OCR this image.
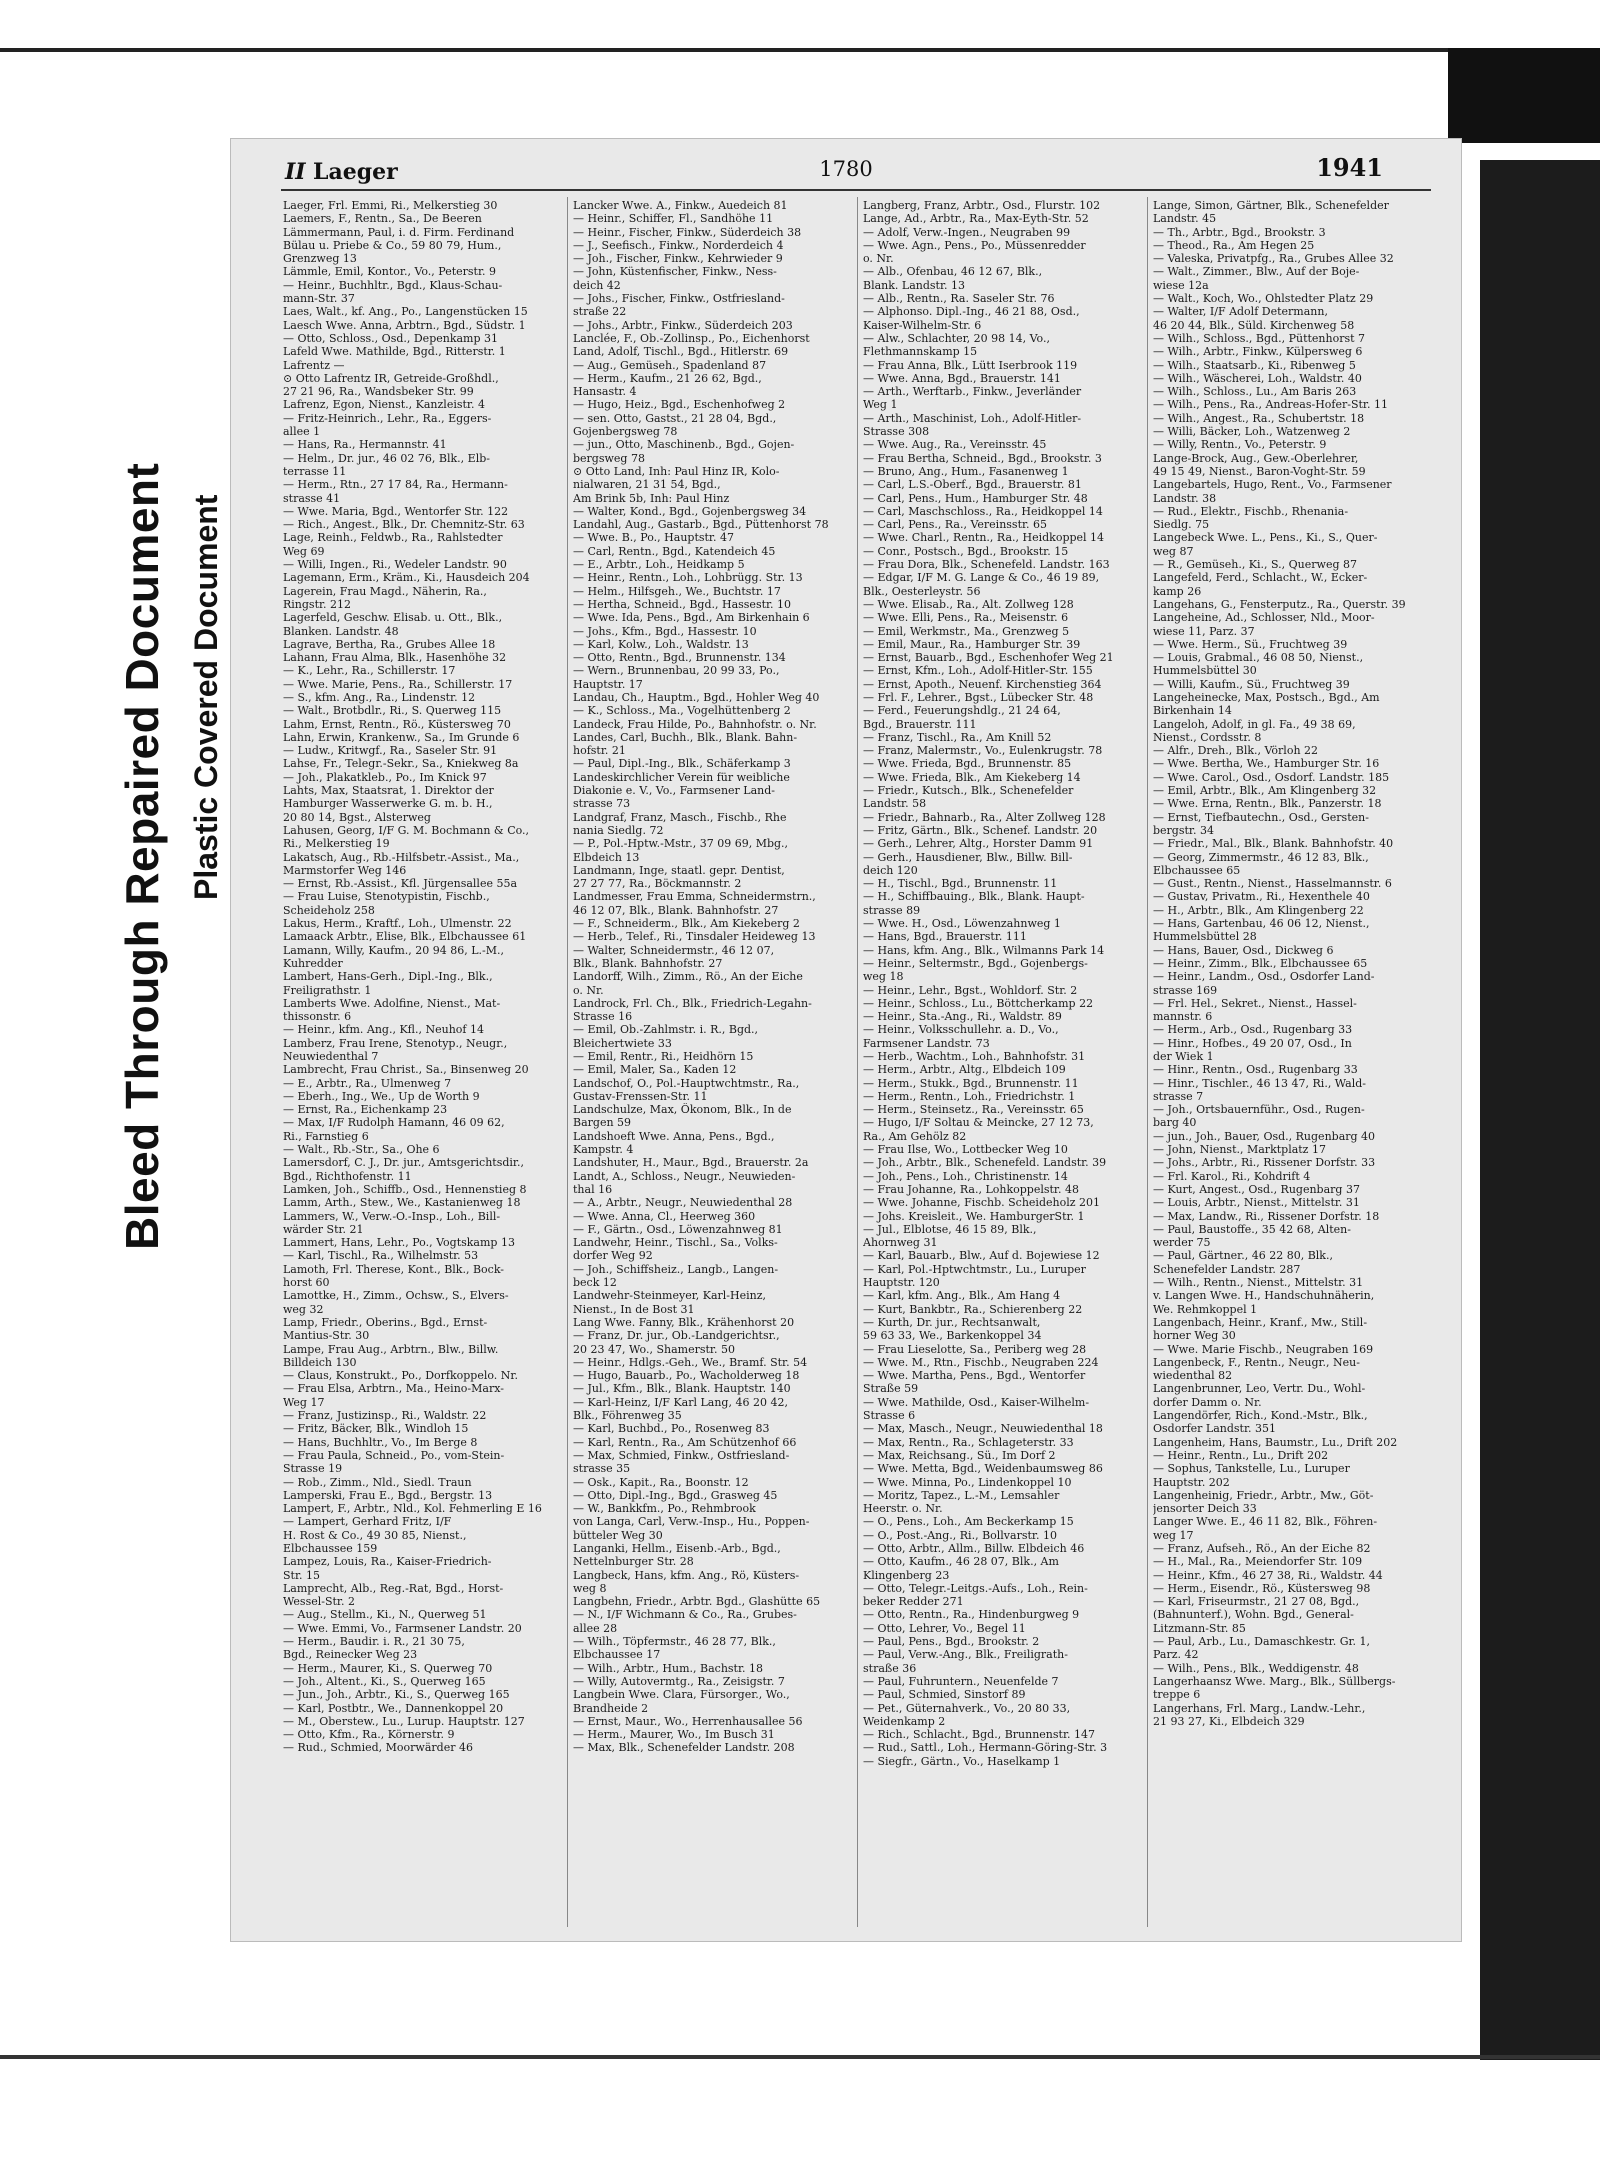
Bleed Through Repaired Document Plastic Covered Document
II Laeger	1780	1941
Laeger, Frl. Emmi, Ri., Melkerstieg 30
Laemers, F., Rentn., Sa., De Beeren
Lämmermann, Paul, i. d. Firm. Ferdinand
Bülau u. Priebe & Co., 59 80 79, Hum.,
Grenzweg 13
Lämmle, Emil, Kontor., Vo., Peterstr. 9
— Heinr., Buchhltr., Bgd., Klaus-Schau-
mann-Str. 37
Laes, Walt., kf. Ang., Po., Langenstücken 15
Laesch Wwe. Anna, Arbtrn., Bgd., Südstr. 1
— Otto, Schloss., Osd., Depenkamp 31
Lafeld Wwe. Mathilde, Bgd., Ritterstr. 1
Lafrentz —
⊙ Otto Lafrentz IR, Getreide-Großhdl.,
27 21 96, Ra., Wandsbeker Str. 99
Lafrenz, Egon, Nienst., Kanzleistr. 4
— Fritz-Heinrich., Lehr., Ra., Eggers-
allee 1
— Hans, Ra., Hermannstr. 41
— Helm., Dr. jur., 46 02 76, Blk., Elb-
terrasse 11
— Herm., Rtn., 27 17 84, Ra., Hermann-
strasse 41
— Wwe. Maria, Bgd., Wentorfer Str. 122
— Rich., Angest., Blk., Dr. Chemnitz-Str. 63
Lage, Reinh., Feldwb., Ra., Rahlstedter
Weg 69
— Willi, Ingen., Ri., Wedeler Landstr. 90
Lagemann, Erm., Kräm., Ki., Hausdeich 204
Lagerein, Frau Magd., Näherin, Ra.,
Ringstr. 212
Lagerfeld, Geschw. Elisab. u. Ott., Blk.,
Blanken. Landstr. 48
Lagrave, Bertha, Ra., Grubes Allee 18
Lahann, Frau Alma, Blk., Hasenhöhe 32
— K., Lehr., Ra., Schillerstr. 17
— Wwe. Marie, Pens., Ra., Schillerstr. 17
— S., kfm. Ang., Ra., Lindenstr. 12
— Walt., Brotbdlr., Ri., S. Querweg 115
Lahm, Ernst, Rentn., Rö., Küstersweg 70
Lahn, Erwin, Krankenw., Sa., Im Grunde 6
— Ludw., Kritwgf., Ra., Saseler Str. 91
Lahse, Fr., Telegr.-Sekr., Sa., Kniekweg 8a
— Joh., Plakatkleb., Po., Im Knick 97
Lahts, Max, Staatsrat, 1. Direktor der
Hamburger Wasserwerke G. m. b. H.,
20 80 14, Bgst., Alsterweg
Lahusen, Georg, I/F G. M. Bochmann & Co.,
Ri., Melkerstieg 19
Lakatsch, Aug., Rb.-Hilfsbetr.-Assist., Ma.,
Marmstorfer Weg 146
— Ernst, Rb.-Assist., Kfl. Jürgensallee 55a
— Frau Luise, Stenotypistin, Fischb.,
Scheideholz 258
Lakus, Herm., Kraftf., Loh., Ulmenstr. 22
Lamaack Arbtr., Elise, Blk., Elbchaussee 61
Lamann, Willy, Kaufm., 20 94 86, L.-M.,
Kuhredder
Lambert, Hans-Gerh., Dipl.-Ing., Blk.,
Freiligrathstr. 1
Lamberts Wwe. Adolfine, Nienst., Mat-
thissonstr. 6
— Heinr., kfm. Ang., Kfl., Neuhof 14
Lamberz, Frau Irene, Stenotyp., Neugr.,
Neuwiedenthal 7
Lambrecht, Frau Christ., Sa., Binsenweg 20
— E., Arbtr., Ra., Ulmenweg 7
— Eberh., Ing., We., Up de Worth 9
— Ernst, Ra., Eichenkamp 23
— Max, I/F Rudolph Hamann, 46 09 62,
Ri., Farnstieg 6
— Walt., Rb.-Str., Sa., Ohe 6
Lamersdorf, C. J., Dr. jur., Amtsgerichtsdir.,
Bgd., Richthofenstr. 11
Lamken, Joh., Schiffb., Osd., Hennenstieg 8
Lamm, Arth., Stew., We., Kastanienweg 18
Lammers, W., Verw.-O.-Insp., Loh., Bill-
wärder Str. 21
Lammert, Hans, Lehr., Po., Vogtskamp 13
— Karl, Tischl., Ra., Wilhelmstr. 53
Lamoth, Frl. Therese, Kont., Blk., Bock-
horst 60
Lamottke, H., Zimm., Ochsw., S., Elvers-
weg 32
Lamp, Friedr., Oberins., Bgd., Ernst-
Mantius-Str. 30
Lampe, Frau Aug., Arbtrn., Blw., Billw.
Billdeich 130
— Claus, Konstrukt., Po., Dorfkoppelo. Nr.
— Frau Elsa, Arbtrn., Ma., Heino-Marx-
Weg 17
— Franz, Justizinsp., Ri., Waldstr. 22
— Fritz, Bäcker, Blk., Windloh 15
— Hans, Buchhltr., Vo., Im Berge 8
— Frau Paula, Schneid., Po., vom-Stein-
Strasse 19
— Rob., Zimm., Nld., Siedl. Traun
Lamperski, Frau E., Bgd., Bergstr. 13
Lampert, F., Arbtr., Nld., Kol. Fehmerling E 16
— Lampert, Gerhard Fritz, I/F
H. Rost & Co., 49 30 85, Nienst.,
Elbchaussee 159
Lampez, Louis, Ra., Kaiser-Friedrich-
Str. 15
Lamprecht, Alb., Reg.-Rat, Bgd., Horst-
Wessel-Str. 2
— Aug., Stellm., Ki., N., Querweg 51
— Wwe. Emmi, Vo., Farmsener Landstr. 20
— Herm., Baudir. i. R., 21 30 75,
Bgd., Reinecker Weg 23
— Herm., Maurer, Ki., S. Querweg 70
— Joh., Altent., Ki., S., Querweg 165
— Jun., Joh., Arbtr., Ki., S., Querweg 165
— Karl, Postbtr., We., Dannenkoppel 20
— M., Oberstew., Lu., Lurup. Hauptstr. 127
— Otto, Kfm., Ra., Körnerstr. 9
— Rud., Schmied, Moorwärder 46
Lancker Wwe. A., Finkw., Auedeich 81
— Heinr., Schiffer, Fl., Sandhöhe 11
— Heinr., Fischer, Finkw., Süderdeich 38
— J., Seefisch., Finkw., Norderdeich 4
— Joh., Fischer, Finkw., Kehrwieder 9
— John, Küstenfischer, Finkw., Ness-
deich 42
— Johs., Fischer, Finkw., Ostfriesland-
straße 22
— Johs., Arbtr., Finkw., Süderdeich 203
Lanclée, F., Ob.-Zollinsp., Po., Eichenhorst
Land, Adolf, Tischl., Bgd., Hitlerstr. 69
— Aug., Gemüseh., Spadenland 87
— Herm., Kaufm., 21 26 62, Bgd.,
Hansastr. 4
— Hugo, Heiz., Bgd., Eschenhofweg 2
— sen. Otto, Gastst., 21 28 04, Bgd.,
Gojenbergsweg 78
— jun., Otto, Maschinenb., Bgd., Gojen-
bergsweg 78
⊙ Otto Land, Inh: Paul Hinz IR, Kolo-
nialwaren, 21 31 54, Bgd.,
Am Brink 5b, Inh: Paul Hinz
— Walter, Kond., Bgd., Gojenbergsweg 34
Landahl, Aug., Gastarb., Bgd., Püttenhorst 78
— Wwe. B., Po., Hauptstr. 47
— Carl, Rentn., Bgd., Katendeich 45
— E., Arbtr., Loh., Heidkamp 5
— Heinr., Rentn., Loh., Lohbrügg. Str. 13
— Helm., Hilfsgeh., We., Buchtstr. 17
— Hertha, Schneid., Bgd., Hassestr. 10
— Wwe. Ida, Pens., Bgd., Am Birkenhain 6
— Johs., Kfm., Bgd., Hassestr. 10
— Karl, Kolw., Loh., Waldstr. 13
— Otto, Rentn., Bgd., Brunnenstr. 134
— Wern., Brunnenbau, 20 99 33, Po.,
Hauptstr. 17
Landau, Ch., Hauptm., Bgd., Hohler Weg 40
— K., Schloss., Ma., Vogelhüttenberg 2
Landeck, Frau Hilde, Po., Bahnhofstr. o. Nr.
Landes, Carl, Buchh., Blk., Blank. Bahn-
hofstr. 21
— Paul, Dipl.-Ing., Blk., Schäferkamp 3
Landeskirchlicher Verein für weibliche
Diakonie e. V., Vo., Farmsener Land-
strasse 73
Landgraf, Franz, Masch., Fischb., Rhe
nania Siedlg. 72
— P., Pol.-Hptw.-Mstr., 37 09 69, Mbg.,
Elbdeich 13
Landmann, Inge, staatl. gepr. Dentist,
27 27 77, Ra., Böckmannstr. 2
Landmesser, Frau Emma, Schneidermstrn.,
46 12 07, Blk., Blank. Bahnhofstr. 27
— F., Schneiderm., Blk., Am Kiekeberg 2
— Herb., Telef., Ri., Tinsdaler Heideweg 13
— Walter, Schneidermstr., 46 12 07,
Blk., Blank. Bahnhofstr. 27
Landorff, Wilh., Zimm., Rö., An der Eiche
o. Nr.
Landrock, Frl. Ch., Blk., Friedrich-Legahn-
Strasse 16
— Emil, Ob.-Zahlmstr. i. R., Bgd.,
Bleichertwiete 33
— Emil, Rentr., Ri., Heidhörn 15
— Emil, Maler, Sa., Kaden 12
Landschof, O., Pol.-Hauptwchtmstr., Ra.,
Gustav-Frenssen-Str. 11
Landschulze, Max, Ökonom, Blk., In de
Bargen 59
Landshoeft Wwe. Anna, Pens., Bgd.,
Kampstr. 4
Landshuter, H., Maur., Bgd., Brauerstr. 2a
Landt, A., Schloss., Neugr., Neuwieden-
thal 16
— A., Arbtr., Neugr., Neuwiedenthal 28
— Wwe. Anna, Cl., Heerweg 360
— F., Gärtn., Osd., Löwenzahnweg 81
Landwehr, Heinr., Tischl., Sa., Volks-
dorfer Weg 92
— Joh., Schiffsheiz., Langb., Langen-
beck 12
Landwehr-Steinmeyer, Karl-Heinz,
Nienst., In de Bost 31
Lang Wwe. Fanny, Blk., Krähenhorst 20
— Franz, Dr. jur., Ob.-Landgerichtsr.,
20 23 47, Wo., Shamerstr. 50
— Heinr., Hdlgs.-Geh., We., Bramf. Str. 54
— Hugo, Bauarb., Po., Wacholderweg 18
— Jul., Kfm., Blk., Blank. Hauptstr. 140
— Karl-Heinz, I/F Karl Lang, 46 20 42,
Blk., Föhrenweg 35
— Karl, Buchbd., Po., Rosenweg 83
— Karl, Rentn., Ra., Am Schützenhof 66
— Max, Schmied, Finkw., Ostfriesland-
strasse 35
— Osk., Kapit., Ra., Boonstr. 12
— Otto, Dipl.-Ing., Bgd., Grasweg 45
— W., Bankkfm., Po., Rehmbrook
von Langa, Carl, Verw.-Insp., Hu., Poppen-
bütteler Weg 30
Langanki, Hellm., Eisenb.-Arb., Bgd.,
Nettelnburger Str. 28
Langbeck, Hans, kfm. Ang., Rö, Küsters-
weg 8
Langbehn, Friedr., Arbtr. Bgd., Glashütte 65
— N., I/F Wichmann & Co., Ra., Grubes-
allee 28
— Wilh., Töpfermstr., 46 28 77, Blk.,
Elbchaussee 17
— Wilh., Arbtr., Hum., Bachstr. 18
— Willy, Autovermtg., Ra., Zeisigstr. 7
Langbein Wwe. Clara, Fürsorger., Wo.,
Brandheide 2
— Ernst, Maur., Wo., Herrenhausallee 56
— Herm., Maurer, Wo., Im Busch 31
— Max, Blk., Schenefelder Landstr. 208
Langberg, Franz, Arbtr., Osd., Flurstr. 102
Lange, Ad., Arbtr., Ra., Max-Eyth-Str. 52
— Adolf, Verw.-Ingen., Neugraben 99
— Wwe. Agn., Pens., Po., Müssenredder
o. Nr.
— Alb., Ofenbau, 46 12 67, Blk.,
Blank. Landstr. 13
— Alb., Rentn., Ra. Saseler Str. 76
— Alphonso. Dipl.-Ing., 46 21 88, Osd.,
Kaiser-Wilhelm-Str. 6
— Alw., Schlachter, 20 98 14, Vo.,
Flethmannskamp 15
— Frau Anna, Blk., Lütt Iserbrook 119
— Wwe. Anna, Bgd., Brauerstr. 141
— Arth., Werftarb., Finkw., Jeverländer
Weg 1
— Arth., Maschinist, Loh., Adolf-Hitler-
Strasse 308
— Wwe. Aug., Ra., Vereinsstr. 45
— Frau Bertha, Schneid., Bgd., Brookstr. 3
— Bruno, Ang., Hum., Fasanenweg 1
— Carl, L.S.-Oberf., Bgd., Brauerstr. 81
— Carl, Pens., Hum., Hamburger Str. 48
— Carl, Maschschloss., Ra., Heidkoppel 14
— Carl, Pens., Ra., Vereinsstr. 65
— Wwe. Charl., Rentn., Ra., Heidkoppel 14
— Conr., Postsch., Bgd., Brookstr. 15
— Frau Dora, Blk., Schenefeld. Landstr. 163
— Edgar, I/F M. G. Lange & Co., 46 19 89,
Blk., Oesterleystr. 56
— Wwe. Elisab., Ra., Alt. Zollweg 128
— Wwe. Elli, Pens., Ra., Meisenstr. 6
— Emil, Werkmstr., Ma., Grenzweg 5
— Emil, Maur., Ra., Hamburger Str. 39
— Ernst, Bauarb., Bgd., Eschenhofer Weg 21
— Ernst, Kfm., Loh., Adolf-Hitler-Str. 155
— Ernst, Apoth., Neuenf. Kirchenstieg 364
— Frl. F., Lehrer., Bgst., Lübecker Str. 48
— Ferd., Feuerungshdlg., 21 24 64,
Bgd., Brauerstr. 111
— Franz, Tischl., Ra., Am Knill 52
— Franz, Malermstr., Vo., Eulenkrugstr. 78
— Wwe. Frieda, Bgd., Brunnenstr. 85
— Wwe. Frieda, Blk., Am Kiekeberg 14
— Friedr., Kutsch., Blk., Schenefelder
Landstr. 58
— Friedr., Bahnarb., Ra., Alter Zollweg 128
— Fritz, Gärtn., Blk., Schenef. Landstr. 20
— Gerh., Lehrer, Altg., Horster Damm 91
— Gerh., Hausdiener, Blw., Billw. Bill-
deich 120
— H., Tischl., Bgd., Brunnenstr. 11
— H., Schiffbauing., Blk., Blank. Haupt-
strasse 89
— Wwe. H., Osd., Löwenzahnweg 1
— Hans, Bgd., Brauerstr. 111
— Hans, kfm. Ang., Blk., Wilmanns Park 14
— Heinr., Seltermstr., Bgd., Gojenbergs-
weg 18
— Heinr., Lehr., Bgst., Wohldorf. Str. 2
— Heinr., Schloss., Lu., Böttcherkamp 22
— Heinr., Sta.-Ang., Ri., Waldstr. 89
— Heinr., Volksschullehr. a. D., Vo.,
Farmsener Landstr. 73
— Herb., Wachtm., Loh., Bahnhofstr. 31
— Herm., Arbtr., Altg., Elbdeich 109
— Herm., Stukk., Bgd., Brunnenstr. 11
— Herm., Rentn., Loh., Friedrichstr. 1
— Herm., Steinsetz., Ra., Vereinsstr. 65
— Hugo, I/F Soltau & Meincke, 27 12 73,
Ra., Am Gehölz 82
— Frau Ilse, Wo., Lottbecker Weg 10
— Joh., Arbtr., Blk., Schenefeld. Landstr. 39
— Joh., Pens., Loh., Christinenstr. 14
— Frau Johanne, Ra., Lohkoppelstr. 48
— Wwe. Johanne, Fischb. Scheideholz 201
— Johs. Kreisleit., We. HamburgerStr. 1
— Jul., Elblotse, 46 15 89, Blk.,
Ahornweg 31
— Karl, Bauarb., Blw., Auf d. Bojewiese 12
— Karl, Pol.-Hptwchtmstr., Lu., Luruper
Hauptstr. 120
— Karl, kfm. Ang., Blk., Am Hang 4
— Kurt, Bankbtr., Ra., Schierenberg 22
— Kurth, Dr. jur., Rechtsanwalt,
59 63 33, We., Barkenkoppel 34
— Frau Lieselotte, Sa., Periberg weg 28
— Wwe. M., Rtn., Fischb., Neugraben 224
— Wwe. Martha, Pens., Bgd., Wentorfer
Straße 59
— Wwe. Mathilde, Osd., Kaiser-Wilhelm-
Strasse 6
— Max, Masch., Neugr., Neuwiedenthal 18
— Max, Rentn., Ra., Schlageterstr. 33
— Max, Reichsang., Sü., Im Dorf 2
— Wwe. Metta, Bgd., Weidenbaumsweg 86
— Wwe. Minna, Po., Lindenkoppel 10
— Moritz, Tapez., L.-M., Lemsahler
Heerstr. o. Nr.
— O., Pens., Loh., Am Beckerkamp 15
— O., Post.-Ang., Ri., Bollvarstr. 10
— Otto, Arbtr., Allm., Billw. Elbdeich 46
— Otto, Kaufm., 46 28 07, Blk., Am
Klingenberg 23
— Otto, Telegr.-Leitgs.-Aufs., Loh., Rein-
beker Redder 271
— Otto, Rentn., Ra., Hindenburgweg 9
— Otto, Lehrer, Vo., Begel 11
— Paul, Pens., Bgd., Brookstr. 2
— Paul, Verw.-Ang., Blk., Freiligrath-
straße 36
— Paul, Fuhruntern., Neuenfelde 7
— Paul, Schmied, Sinstorf 89
— Pet., Güternahverk., Vo., 20 80 33,
Weidenkamp 2
— Rich., Schlacht., Bgd., Brunnenstr. 147
— Rud., Sattl., Loh., Hermann-Göring-Str. 3
— Siegfr., Gärtn., Vo., Haselkamp 1
Lange, Simon, Gärtner, Blk., Schenefelder
Landstr. 45
— Th., Arbtr., Bgd., Brookstr. 3
— Theod., Ra., Am Hegen 25
— Valeska, Privatpfg., Ra., Grubes Allee 32
— Walt., Zimmer., Blw., Auf der Boje-
wiese 12a
— Walt., Koch, Wo., Ohlstedter Platz 29
— Walter, I/F Adolf Determann,
46 20 44, Blk., Süld. Kirchenweg 58
— Wilh., Schloss., Bgd., Püttenhorst 7
— Wilh., Arbtr., Finkw., Külpersweg 6
— Wilh., Staatsarb., Ki., Ribenweg 5
— Wilh., Wäscherei, Loh., Waldstr. 40
— Wilh., Schloss., Lu., Am Baris 263
— Wilh., Pens., Ra., Andreas-Hofer-Str. 11
— Wilh., Angest., Ra., Schubertstr. 18
— Willi, Bäcker, Loh., Watzenweg 2
— Willy, Rentn., Vo., Peterstr. 9
Lange-Brock, Aug., Gew.-Oberlehrer,
49 15 49, Nienst., Baron-Voght-Str. 59
Langebartels, Hugo, Rent., Vo., Farmsener
Landstr. 38
— Rud., Elektr., Fischb., Rhenania-
Siedlg. 75
Langebeck Wwe. L., Pens., Ki., S., Quer-
weg 87
— R., Gemüseh., Ki., S., Querweg 87
Langefeld, Ferd., Schlacht., W., Ecker-
kamp 26
Langehans, G., Fensterputz., Ra., Querstr. 39
Langeheine, Ad., Schlosser, Nld., Moor-
wiese 11, Parz. 37
— Wwe. Herm., Sü., Fruchtweg 39
— Louis, Grabmal., 46 08 50, Nienst.,
Hummelsbüttel 30
— Willi, Kaufm., Sü., Fruchtweg 39
Langeheinecke, Max, Postsch., Bgd., Am
Birkenhain 14
Langeloh, Adolf, in gl. Fa., 49 38 69,
Nienst., Cordsstr. 8
— Alfr., Dreh., Blk., Vörloh 22
— Wwe. Bertha, We., Hamburger Str. 16
— Wwe. Carol., Osd., Osdorf. Landstr. 185
— Emil, Arbtr., Blk., Am Klingenberg 32
— Wwe. Erna, Rentn., Blk., Panzerstr. 18
— Ernst, Tiefbautechn., Osd., Gersten-
bergstr. 34
— Friedr., Mal., Blk., Blank. Bahnhofstr. 40
— Georg, Zimmermstr., 46 12 83, Blk.,
Elbchaussee 65
— Gust., Rentn., Nienst., Hasselmannstr. 6
— Gustav, Privatm., Ri., Hexenthele 40
— H., Arbtr., Blk., Am Klingenberg 22
— Hans, Gartenbau, 46 06 12, Nienst.,
Hummelsbüttel 28
— Hans, Bauer, Osd., Dickweg 6
— Heinr., Zimm., Blk., Elbchaussee 65
— Heinr., Landm., Osd., Osdorfer Land-
strasse 169
— Frl. Hel., Sekret., Nienst., Hassel-
mannstr. 6
— Herm., Arb., Osd., Rugenbarg 33
— Hinr., Hofbes., 49 20 07, Osd., In
der Wiek 1
— Hinr., Rentn., Osd., Rugenbarg 33
— Hinr., Tischler., 46 13 47, Ri., Wald-
strasse 7
— Joh., Ortsbauernführ., Osd., Rugen-
barg 40
— jun., Joh., Bauer, Osd., Rugenbarg 40
— John, Nienst., Marktplatz 17
— Johs., Arbtr., Ri., Rissener Dorfstr. 33
— Frl. Karol., Ri., Kohdrift 4
— Kurt, Angest., Osd., Rugenbarg 37
— Louis, Arbtr., Nienst., Mittelstr. 31
— Max, Landw., Ri., Rissener Dorfstr. 18
— Paul, Baustoffe., 35 42 68, Alten-
werder 75
— Paul, Gärtner., 46 22 80, Blk.,
Schenefelder Landstr. 287
— Wilh., Rentn., Nienst., Mittelstr. 31
v. Langen Wwe. H., Handschuhnäherin,
We. Rehmkoppel 1
Langenbach, Heinr., Kranf., Mw., Still-
horner Weg 30
— Wwe. Marie Fischb., Neugraben 169
Langenbeck, F., Rentn., Neugr., Neu-
wiedenthal 82
Langenbrunner, Leo, Vertr. Du., Wohl-
dorfer Damm o. Nr.
Langendörfer, Rich., Kond.-Mstr., Blk.,
Osdorfer Landstr. 351
Langenheim, Hans, Baumstr., Lu., Drift 202
— Heinr., Rentn., Lu., Drift 202
— Sophus, Tankstelle, Lu., Luruper
Hauptstr. 202
Langenheinig, Friedr., Arbtr., Mw., Göt-
jensorter Deich 33
Langer Wwe. E., 46 11 82, Blk., Föhren-
weg 17
— Franz, Aufseh., Rö., An der Eiche 82
— H., Mal., Ra., Meiendorfer Str. 109
— Heinr., Kfm., 46 27 38, Ri., Waldstr. 44
— Herm., Eisendr., Rö., Küstersweg 98
— Karl, Friseurmstr., 21 27 08, Bgd.,
(Bahnunterf.), Wohn. Bgd., General-
Litzmann-Str. 85
— Paul, Arb., Lu., Damaschkestr. Gr. 1,
Parz. 42
— Wilh., Pens., Blk., Weddigenstr. 48
Langerhaansz Wwe. Marg., Blk., Süllbergs-
treppe 6
Langerhans, Frl. Marg., Landw.-Lehr.,
21 93 27, Ki., Elbdeich 329
